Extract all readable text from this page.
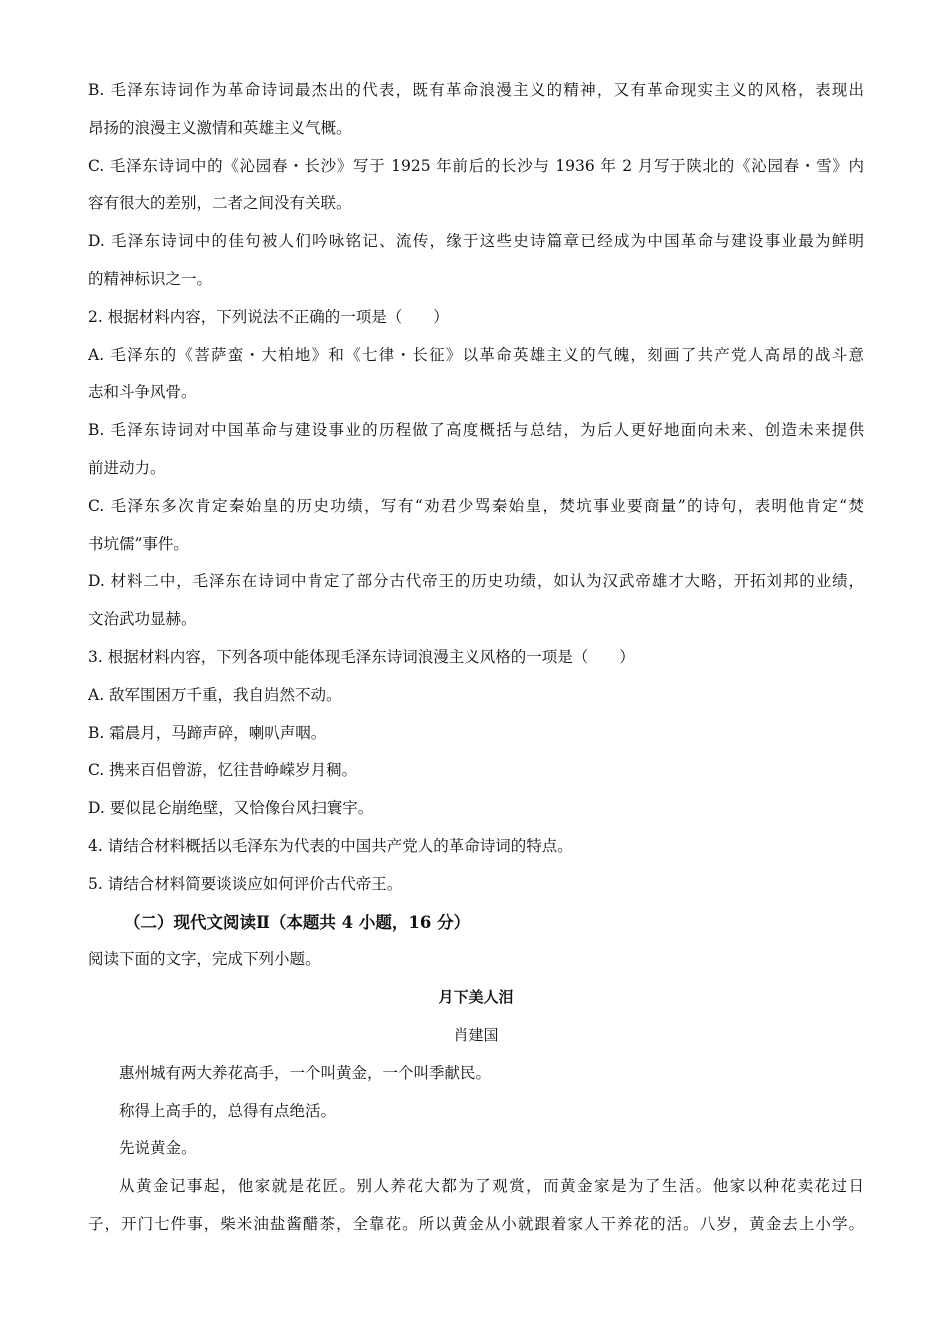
B. 毛泽东诗词作为革命诗词最杰出的代表，既有革命浪漫主义的精神，又有革命现实主义的风格，表现出
昂扬的浪漫主义激情和英雄主义气概。
C. 毛泽东诗词中的《沁园春・长沙》写于 1925 年前后的长沙与 1936 年 2 月写于陕北的《沁园春・雪》内
容有很大的差别，二者之间没有关联。
D. 毛泽东诗词中的佳句被人们吟咏铭记、流传，缘于这些史诗篇章已经成为中国革命与建设事业最为鲜明
的精神标识之一。
2. 根据材料内容，下列说法不正确的一项是（　　）
A. 毛泽东的《菩萨蛮・大柏地》和《七律・长征》以革命英雄主义的气魄，刻画了共产党人高昂的战斗意
志和斗争风骨。
B. 毛泽东诗词对中国革命与建设事业的历程做了高度概括与总结，为后人更好地面向未来、创造未来提供
前进动力。
C. 毛泽东多次肯定秦始皇的历史功绩，写有“劝君少骂秦始皇，焚坑事业要商量”的诗句，表明他肯定“焚
书坑儒”事件。
D. 材料二中，毛泽东在诗词中肯定了部分古代帝王的历史功绩，如认为汉武帝雄才大略，开拓刘邦的业绩，
文治武功显赫。
3. 根据材料内容，下列各项中能体现毛泽东诗词浪漫主义风格的一项是（　　）
A. 敌军围困万千重，我自岿然不动。
B. 霜晨月，马蹄声碎，喇叭声咽。
C. 携来百侣曾游，忆往昔峥嵘岁月稠。
D. 要似昆仑崩绝壁，又恰像台风扫寰宇。
4. 请结合材料概括以毛泽东为代表的中国共产党人的革命诗词的特点。
5. 请结合材料简要谈谈应如何评价古代帝王。
（二）现代文阅读Ⅱ（本题共 4 小题，16 分）
阅读下面的文字，完成下列小题。
月下美人泪
肖建国
惠州城有两大养花高手，一个叫黄金，一个叫季献民。
称得上高手的，总得有点绝活。
先说黄金。
从黄金记事起，他家就是花匠。别人养花大都为了观赏，而黄金家是为了生活。他家以种花卖花过日
子，开门七件事，柴米油盐酱醋茶，全靠花。所以黄金从小就跟着家人干养花的活。八岁，黄金去上小学。
